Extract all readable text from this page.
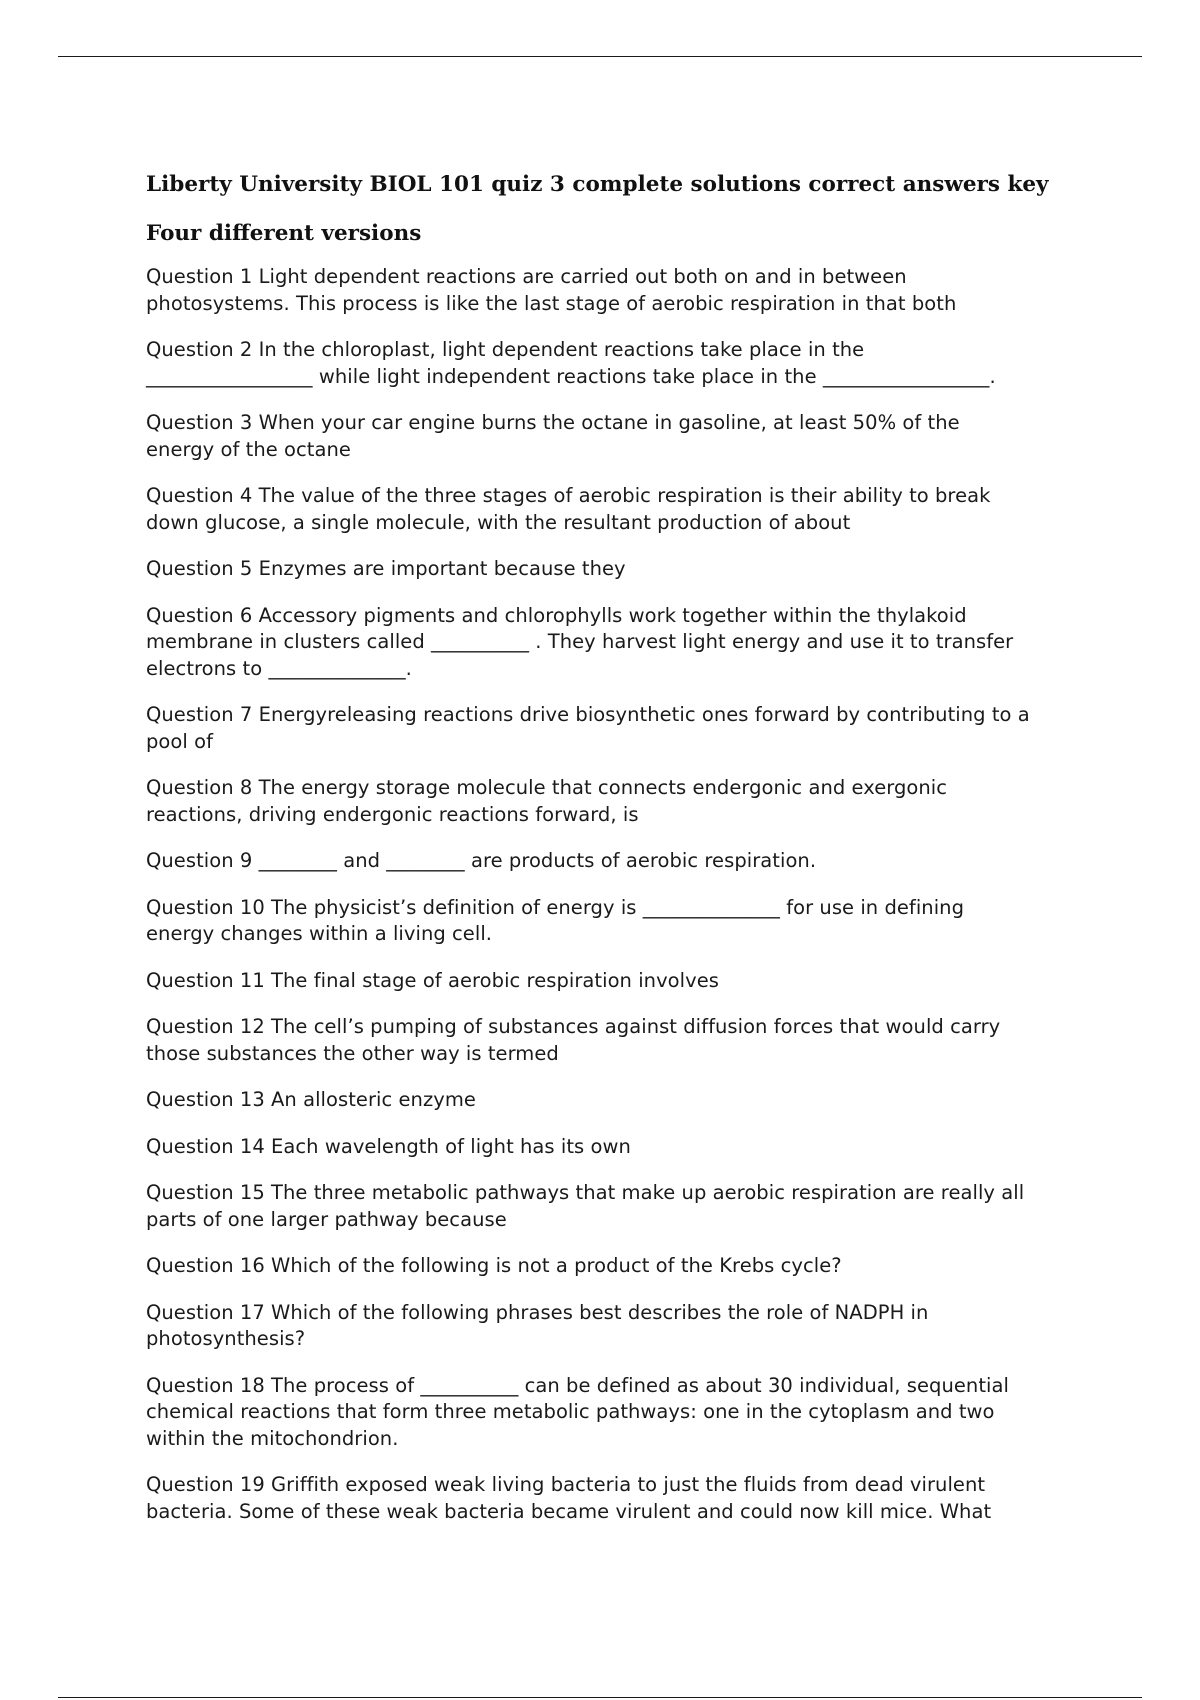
Liberty University BIOL 101 quiz 3 complete solutions correct answers key
Four different versions
Question 1 Light dependent reactions are carried out both on and in between
photosystems. This process is like the last stage of aerobic respiration in that both
Question 2 In the chloroplast, light dependent reactions take place in the
_________________ while light independent reactions take place in the _________________.
Question 3 When your car engine burns the octane in gasoline, at least 50% of the
energy of the octane
Question 4 The value of the three stages of aerobic respiration is their ability to break
down glucose, a single molecule, with the resultant production of about
Question 5 Enzymes are important because they
Question 6 Accessory pigments and chlorophylls work together within the thylakoid
membrane in clusters called __________ . They harvest light energy and use it to transfer
electrons to ______________.
Question 7 Energyreleasing reactions drive biosynthetic ones forward by contributing to a
pool of
Question 8 The energy storage molecule that connects endergonic and exergonic
reactions, driving endergonic reactions forward, is
Question 9 ________ and ________ are products of aerobic respiration.
Question 10 The physicist’s definition of energy is ______________ for use in defining
energy changes within a living cell.
Question 11 The final stage of aerobic respiration involves
Question 12 The cell’s pumping of substances against diffusion forces that would carry
those substances the other way is termed
Question 13 An allosteric enzyme
Question 14 Each wavelength of light has its own
Question 15 The three metabolic pathways that make up aerobic respiration are really all
parts of one larger pathway because
Question 16 Which of the following is not a product of the Krebs cycle?
Question 17 Which of the following phrases best describes the role of NADPH in
photosynthesis?
Question 18 The process of __________ can be defined as about 30 individual, sequential
chemical reactions that form three metabolic pathways: one in the cytoplasm and two
within the mitochondrion.
Question 19 Griffith exposed weak living bacteria to just the fluids from dead virulent
bacteria. Some of these weak bacteria became virulent and could now kill mice. What
